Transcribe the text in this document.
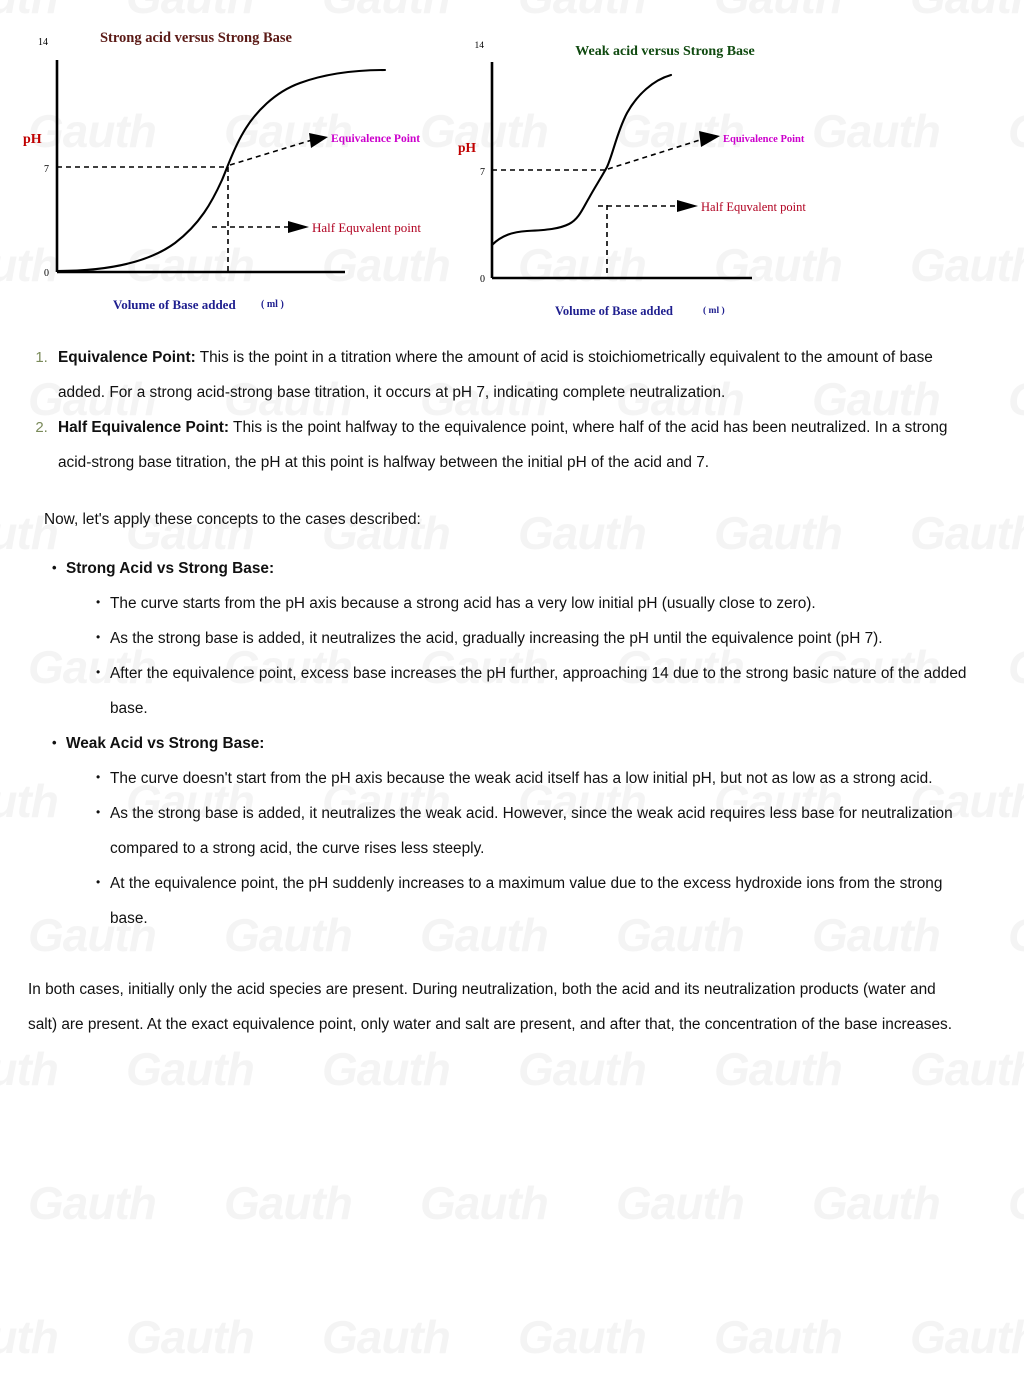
Strong acid versus Strong Base
14
7
0
Equivalence Point
Half Equvalent point
pH
Volume of Base added	( ml )
Weak acid versus Strong Base
14
7
0
Equivalence Point
Half Equvalent point
pH
Volume of Base added	( ml )
1. Equivalence Point: This is the point in a titration where the amount of acid is stoichiometrically equivalent to the amount of base added. For a strong acid-strong base titration, it occurs at pH 7, indicating complete neutralization.
2. Half Equivalence Point: This is the point halfway to the equivalence point, where half of the acid has been neutralized. In a strong acid-strong base titration, the pH at this point is halfway between the initial pH of the acid and 7.

Now, let's apply these concepts to the cases described:

• Strong Acid vs Strong Base:
• The curve starts from the pH axis because a strong acid has a very low initial pH (usually close to zero).
• As the strong base is added, it neutralizes the acid, gradually increasing the pH until the equivalence point (pH 7).
• After the equivalence point, excess base increases the pH further, approaching 14 due to the strong basic nature of the added base.
• Weak Acid vs Strong Base:
• The curve doesn't start from the pH axis because the weak acid itself has a low initial pH, but not as low as a strong acid.
• As the strong base is added, it neutralizes the weak acid. However, since the weak acid requires less base for neutralization compared to a strong acid, the curve rises less steeply.
• At the equivalence point, the pH suddenly increases to a maximum value due to the excess hydroxide ions from the strong base.

In both cases, initially only the acid species are present. During neutralization, both the acid and its neutralization products (water and salt) are present. At the exact equivalence point, only water and salt are present, and after that, the concentration of the base increases.
